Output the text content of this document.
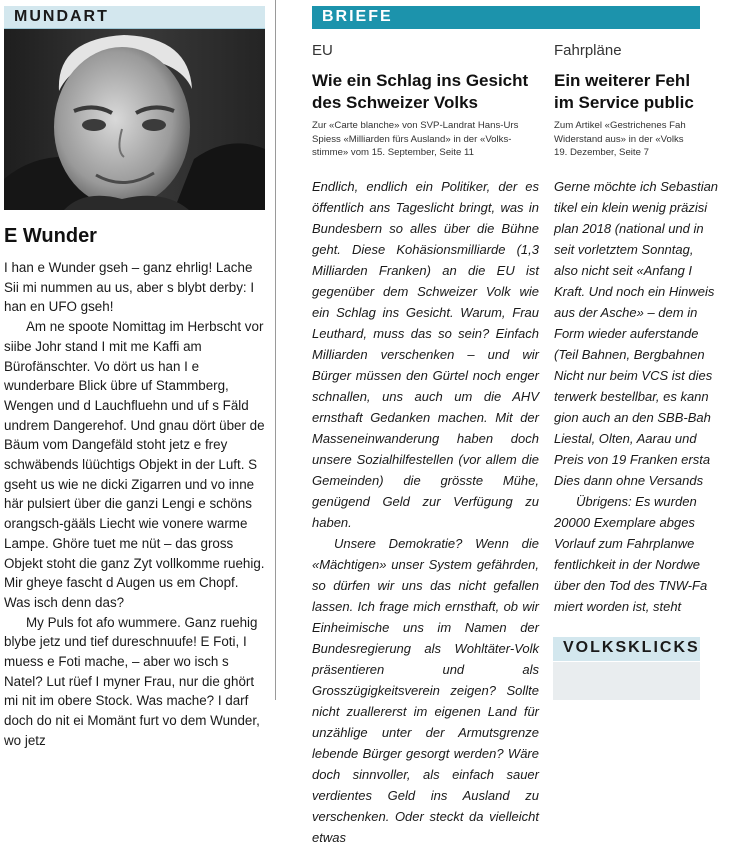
MUNDART
E Wunder

I han e Wunder gseh – ganz ehrlig! Lache Sii mi nummen au us, aber s blybt derby: I han en UFO gseh!

Am ne spoote Nomittag im Herbscht vor siibe Johr stand I mit me Kaffi am Bürofänschter. Vo dört us han I e wunderbare Blick übre uf Stammberg, Wengen und d Lauchfluehn und uf s Fäld undrem Dangerehof. Und gnau dört über de Bäum vom Dangefäld stoht jetz e frey schwäbends lüüchtigs Objekt in der Luft. S gseht us wie ne dicki Zigarren und vo inne här pulsiert über die ganzi Lengi e schöns orangsch-gääls Liecht wie vonere warme Lampe. Ghöre tuet me nüt – das gross Objekt stoht die ganz Zyt vollkomme ruehig. Mir gheye fascht d Augen us em Chopf. Was isch denn das?

My Puls fot afo wummere. Ganz ruehig blybe jetz und tief dureschnuufe! E Foti, I muess e Foti mache, – aber wo isch s Natel? Lut rüef I myner Frau, nur die ghört mi nit im obere Stock. Was mache? I darf doch do nit ei Momänt furt vo dem Wunder, wo jetz

BRIEFE
EU
Wie ein Schlag ins Gesicht
des Schweizer Volks
Zur «Carte blanche» von SVP-Landrat Hans-Urs
Spiess «Milliarden fürs Ausland» in der «Volks-
stimme» vom 15. September, Seite 11

Endlich, endlich ein Politiker, der es öffentlich ans Tageslicht bringt, was in Bundesbern so alles über die Bühne geht. Diese Kohäsionsmilliarde (1,3 Milliarden Franken) an die EU ist gegenüber dem Schweizer Volk wie ein Schlag ins Gesicht. Warum, Frau Leuthard, muss das so sein? Einfach Milliarden verschenken – und wir Bürger müssen den Gürtel noch enger schnallen, uns auch um die AHV ernsthaft Gedanken machen. Mit der Masseneinwanderung haben doch unsere Sozialhilfestellen (vor allem die Gemeinden) die grösste Mühe, genügend Geld zur Verfügung zu haben.

Unsere Demokratie? Wenn die «Mächtigen» unser System gefährden, so dürfen wir uns das nicht gefallen lassen. Ich frage mich ernsthaft, ob wir Einheimische uns im Namen der Bundesregierung als Wohltäter-Volk präsentieren und als Grosszügigkeitsverein zeigen? Sollte nicht zuallererst im eigenen Land für unzählige unter der Armutsgrenze lebende Bürger gesorgt werden? Wäre doch sinnvoller, als einfach sauer verdientes Geld ins Ausland zu verschenken. Oder steckt da vielleicht etwas

Fahrpläne
Ein weiterer Fehl
im Service public
Zum Artikel «Gestrichenes Fah
Widerstand aus» in der «Volks
19. Dezember, Seite 7
Gerne möchte ich Sebastian
tikel ein klein wenig präzisi
plan 2018 (national und in
seit vorletztem Sonntag,
also nicht seit «Anfang I
Kraft. Und noch ein Hinweis
aus der Asche» – dem in
Form wieder auferstande
(Teil Bahnen, Bergbahnen
Nicht nur beim VCS ist dies
terwerk bestellbar, es kann
gion auch an den SBB-Bah
Liestal, Olten, Aarau und
Preis von 19 Franken ersta
Dies dann ohne Versands
Übrigens: Es wurden
20000 Exemplare abges
Vorlauf zum Fahrplanwe
fentlichkeit in der Nordwe
über den Tod des TNW-Fa
miert worden ist, steht
VOLKSKLICKS
